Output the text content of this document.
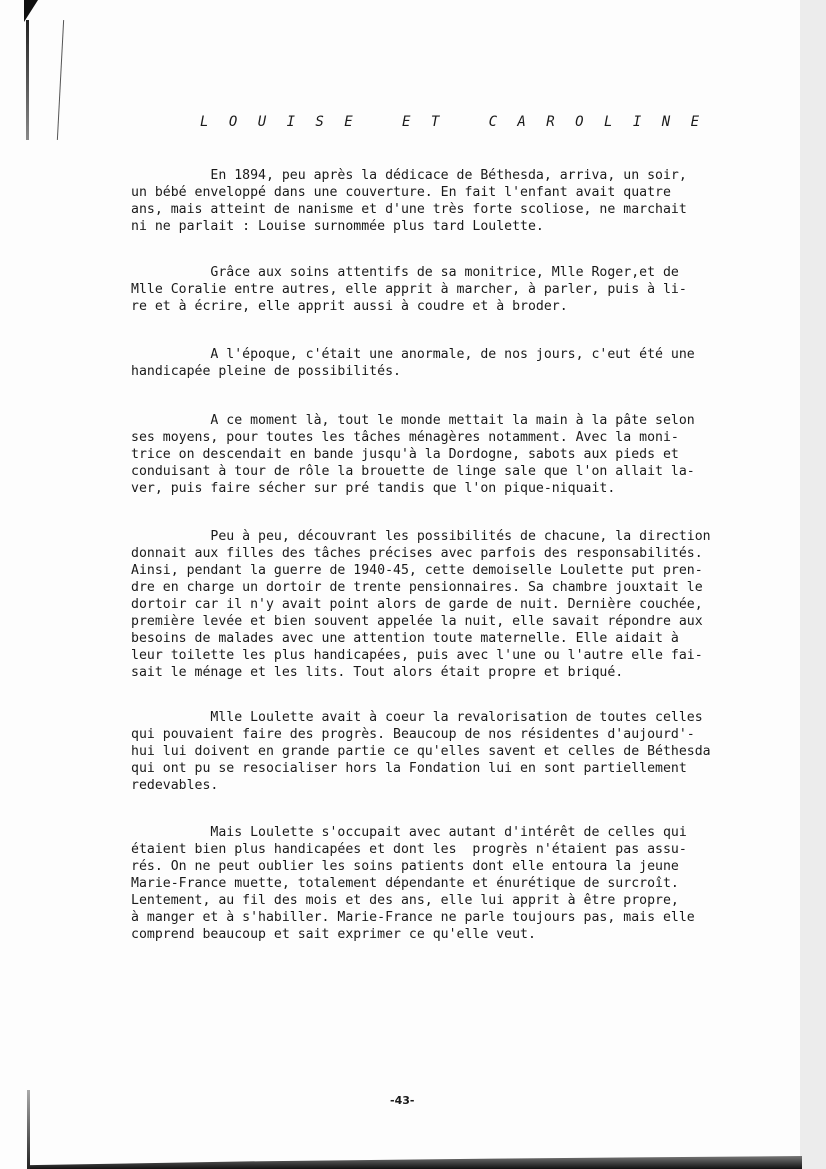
L O U I S E   E T   C A R O L I N E

En 1894, peu après la dédicace de Béthesda, arriva, un soir,
un bébé enveloppé dans une couverture. En fait l'enfant avait quatre
ans, mais atteint de nanisme et d'une très forte scoliose, ne marchait
ni ne parlait : Louise surnommée plus tard Loulette.

Grâce aux soins attentifs de sa monitrice, Mlle Roger,et de
Mlle Coralie entre autres, elle apprit à marcher, à parler, puis à li-
re et à écrire, elle apprit aussi à coudre et à broder.

A l'époque, c'était une anormale, de nos jours, c'eut été une
handicapée pleine de possibilités.

A ce moment là, tout le monde mettait la main à la pâte selon
ses moyens, pour toutes les tâches ménagères notamment. Avec la moni-
trice on descendait en bande jusqu'à la Dordogne, sabots aux pieds et
conduisant à tour de rôle la brouette de linge sale que l'on allait la-
ver, puis faire sécher sur pré tandis que l'on pique-niquait.

Peu à peu, découvrant les possibilités de chacune, la direction
donnait aux filles des tâches précises avec parfois des responsabilités.
Ainsi, pendant la guerre de 1940-45, cette demoiselle Loulette put pren-
dre en charge un dortoir de trente pensionnaires. Sa chambre jouxtait le
dortoir car il n'y avait point alors de garde de nuit. Dernière couchée,
première levée et bien souvent appelée la nuit, elle savait répondre aux
besoins de malades avec une attention toute maternelle. Elle aidait à
leur toilette les plus handicapées, puis avec l'une ou l'autre elle fai-
sait le ménage et les lits. Tout alors était propre et briqué.

Mlle Loulette avait à coeur la revalorisation de toutes celles
qui pouvaient faire des progrès. Beaucoup de nos résidentes d'aujourd'-
hui lui doivent en grande partie ce qu'elles savent et celles de Béthesda
qui ont pu se resocialiser hors la Fondation lui en sont partiellement
redevables.

Mais Loulette s'occupait avec autant d'intérêt de celles qui
étaient bien plus handicapées et dont les  progrès n'étaient pas assu-
rés. On ne peut oublier les soins patients dont elle entoura la jeune
Marie-France muette, totalement dépendante et énurétique de surcroît.
Lentement, au fil des mois et des ans, elle lui apprit à être propre,
à manger et à s'habiller. Marie-France ne parle toujours pas, mais elle
comprend beaucoup et sait exprimer ce qu'elle veut.

-43-
